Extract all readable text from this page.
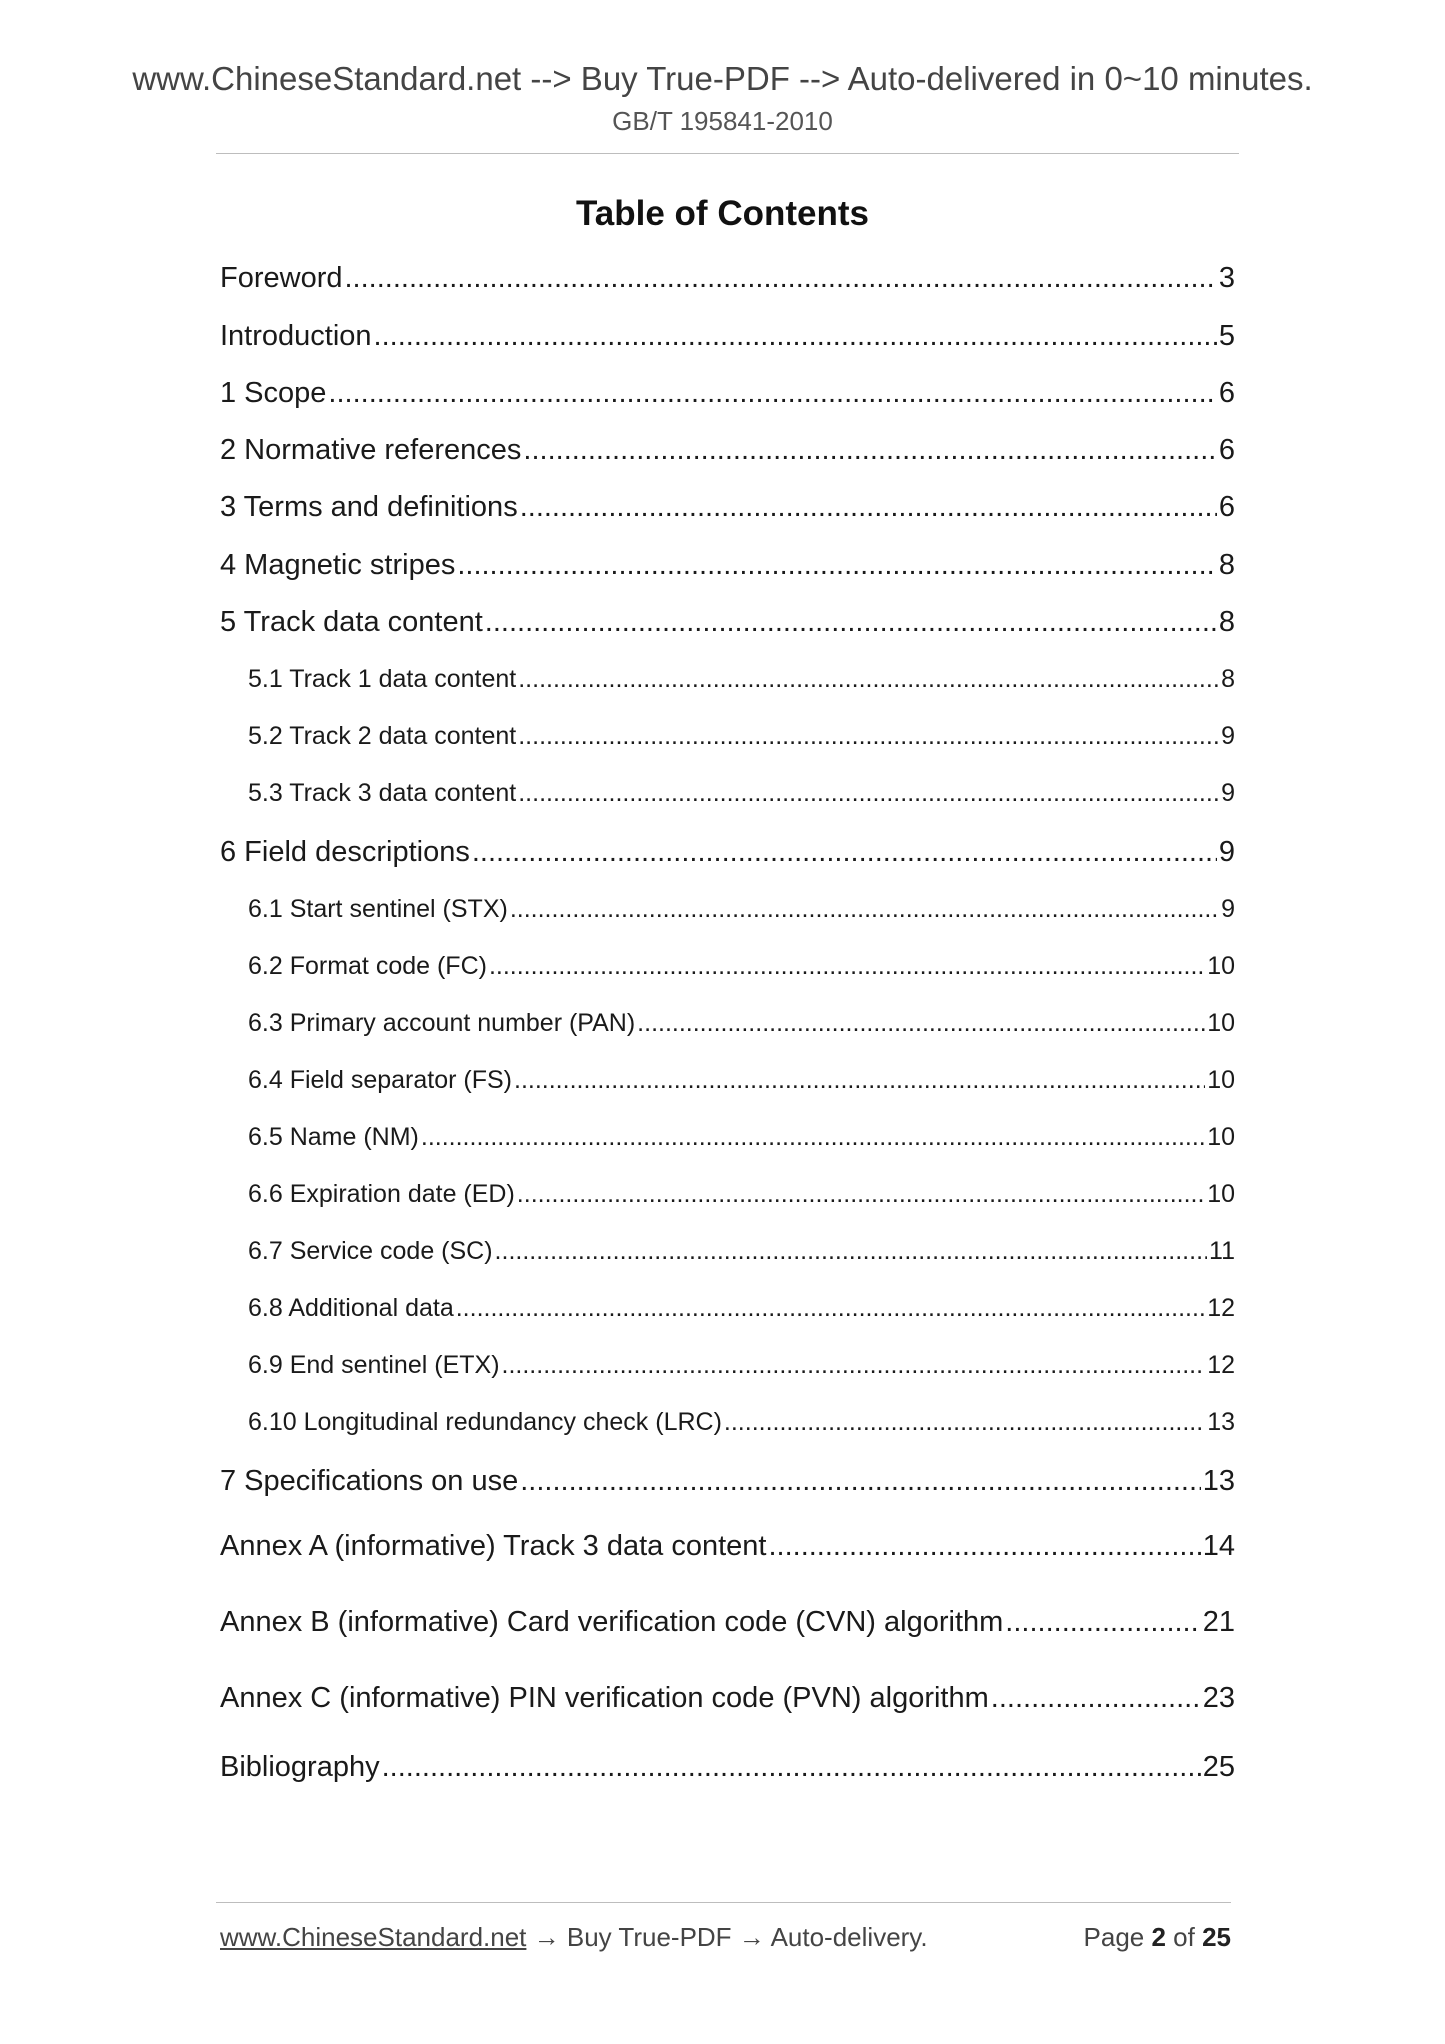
www.ChineseStandard.net --> Buy True-PDF --> Auto-delivered in 0~10 minutes.
GB/T 195841-2010
Table of Contents
Foreword .....	3
Introduction .....	5
1 Scope .....	6
2 Normative references .....	6
3 Terms and definitions .....	6
4 Magnetic stripes .....	8
5 Track data content .....	8
5.1 Track 1 data content .....	8
5.2 Track 2 data content .....	9
5.3 Track 3 data content .....	9
6 Field descriptions .....	9
6.1 Start sentinel (STX) .....	9
6.2 Format code (FC) .....	10
6.3 Primary account number (PAN) .....	10
6.4 Field separator (FS) .....	10
6.5 Name (NM) .....	10
6.6 Expiration date (ED) .....	10
6.7 Service code (SC) .....	11
6.8 Additional data .....	12
6.9 End sentinel (ETX) .....	12
6.10 Longitudinal redundancy check (LRC) .....	13
7 Specifications on use .....	13
Annex A (informative) Track 3 data content .....	14
Annex B (informative) Card verification code (CVN) algorithm .....	21
Annex C (informative) PIN verification code (PVN) algorithm .....	23
Bibliography .....	25
www.ChineseStandard.net → Buy True-PDF → Auto-delivery.	Page 2 of 25
